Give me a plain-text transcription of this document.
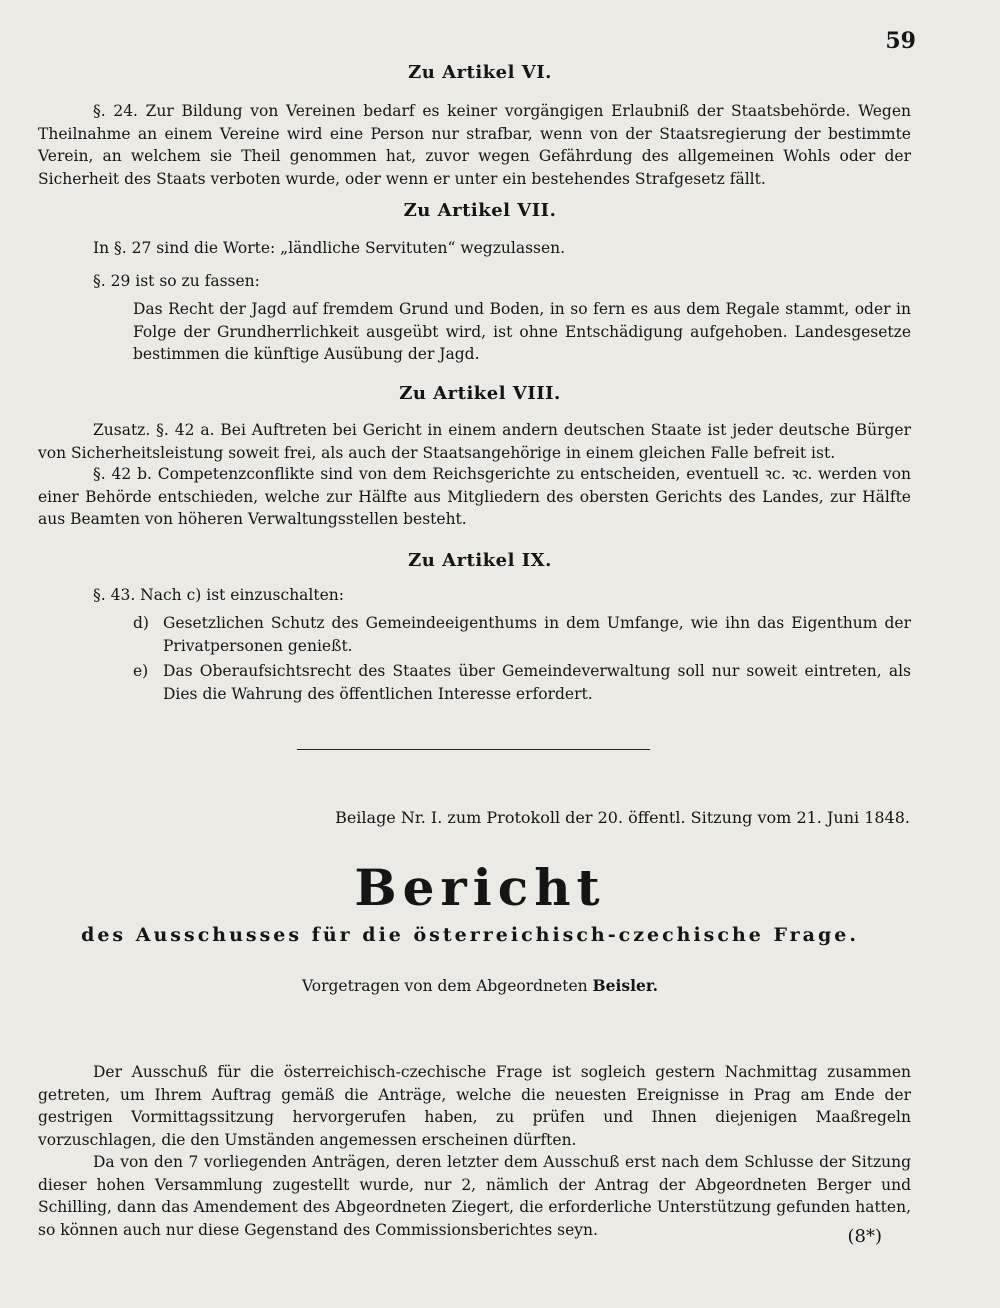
59
Zu Artikel VI.

§. 24. Zur Bildung von Vereinen bedarf es keiner vorgängigen Erlaubniß der Staatsbehörde. Wegen Theilnahme an einem Vereine wird eine Person nur strafbar, wenn von der Staatsregierung der bestimmte Verein, an welchem sie Theil genommen hat, zuvor wegen Gefährdung des allgemeinen Wohls oder der Sicherheit des Staats verboten wurde, oder wenn er unter ein bestehendes Strafgesetz fällt.

Zu Artikel VII.

In §. 27 sind die Worte: „ländliche Servituten“ wegzulassen.

§. 29 ist so zu fassen:

Das Recht der Jagd auf fremdem Grund und Boden, in so fern es aus dem Regale stammt, oder in Folge der Grundherrlichkeit ausgeübt wird, ist ohne Entschädigung aufgehoben. Landesgesetze bestimmen die künftige Ausübung der Jagd.
Zu Artikel VIII.

Zusatz. §. 42 a. Bei Auftreten bei Gericht in einem andern deutschen Staate ist jeder deutsche Bürger von Sicherheitsleistung soweit frei, als auch der Staatsangehörige in einem gleichen Falle befreit ist.

§. 42 b. Competenzconflikte sind von dem Reichsgerichte zu entscheiden, eventuell ꝛc. ꝛc. werden von einer Behörde entschieden, welche zur Hälfte aus Mitgliedern des obersten Gerichts des Landes, zur Hälfte aus Beamten von höheren Verwaltungsstellen besteht.

Zu Artikel IX.

§. 43. Nach c) ist einzuschalten:

d) Gesetzlichen Schutz des Gemeindeeigenthums in dem Umfange, wie ihn das Eigenthum der Privatpersonen genießt.
e) Das Oberaufsichtsrecht des Staates über Gemeindeverwaltung soll nur soweit eintreten, als Dies die Wahrung des öffentlichen Interesse erfordert.
Beilage Nr. I. zum Protokoll der 20. öffentl. Sitzung vom 21. Juni 1848.
Bericht
des Ausschusses für die österreichisch-czechische Frage.
Vorgetragen von dem Abgeordneten Beisler.

Der Ausschuß für die österreichisch-czechische Frage ist sogleich gestern Nachmittag zusammen getreten, um Ihrem Auftrag gemäß die Anträge, welche die neuesten Ereignisse in Prag am Ende der gestrigen Vormittagssitzung hervorgerufen haben, zu prüfen und Ihnen diejenigen Maaßregeln vorzuschlagen, die den Umständen angemessen erscheinen dürften.

Da von den 7 vorliegenden Anträgen, deren letzter dem Ausschuß erst nach dem Schlusse der Sitzung dieser hohen Versammlung zugestellt wurde, nur 2, nämlich der Antrag der Abgeordneten Berger und Schilling, dann das Amendement des Abgeordneten Ziegert, die erforderliche Unterstützung gefunden hatten, so können auch nur diese Gegenstand des Commissionsberichtes seyn.	(8*)
